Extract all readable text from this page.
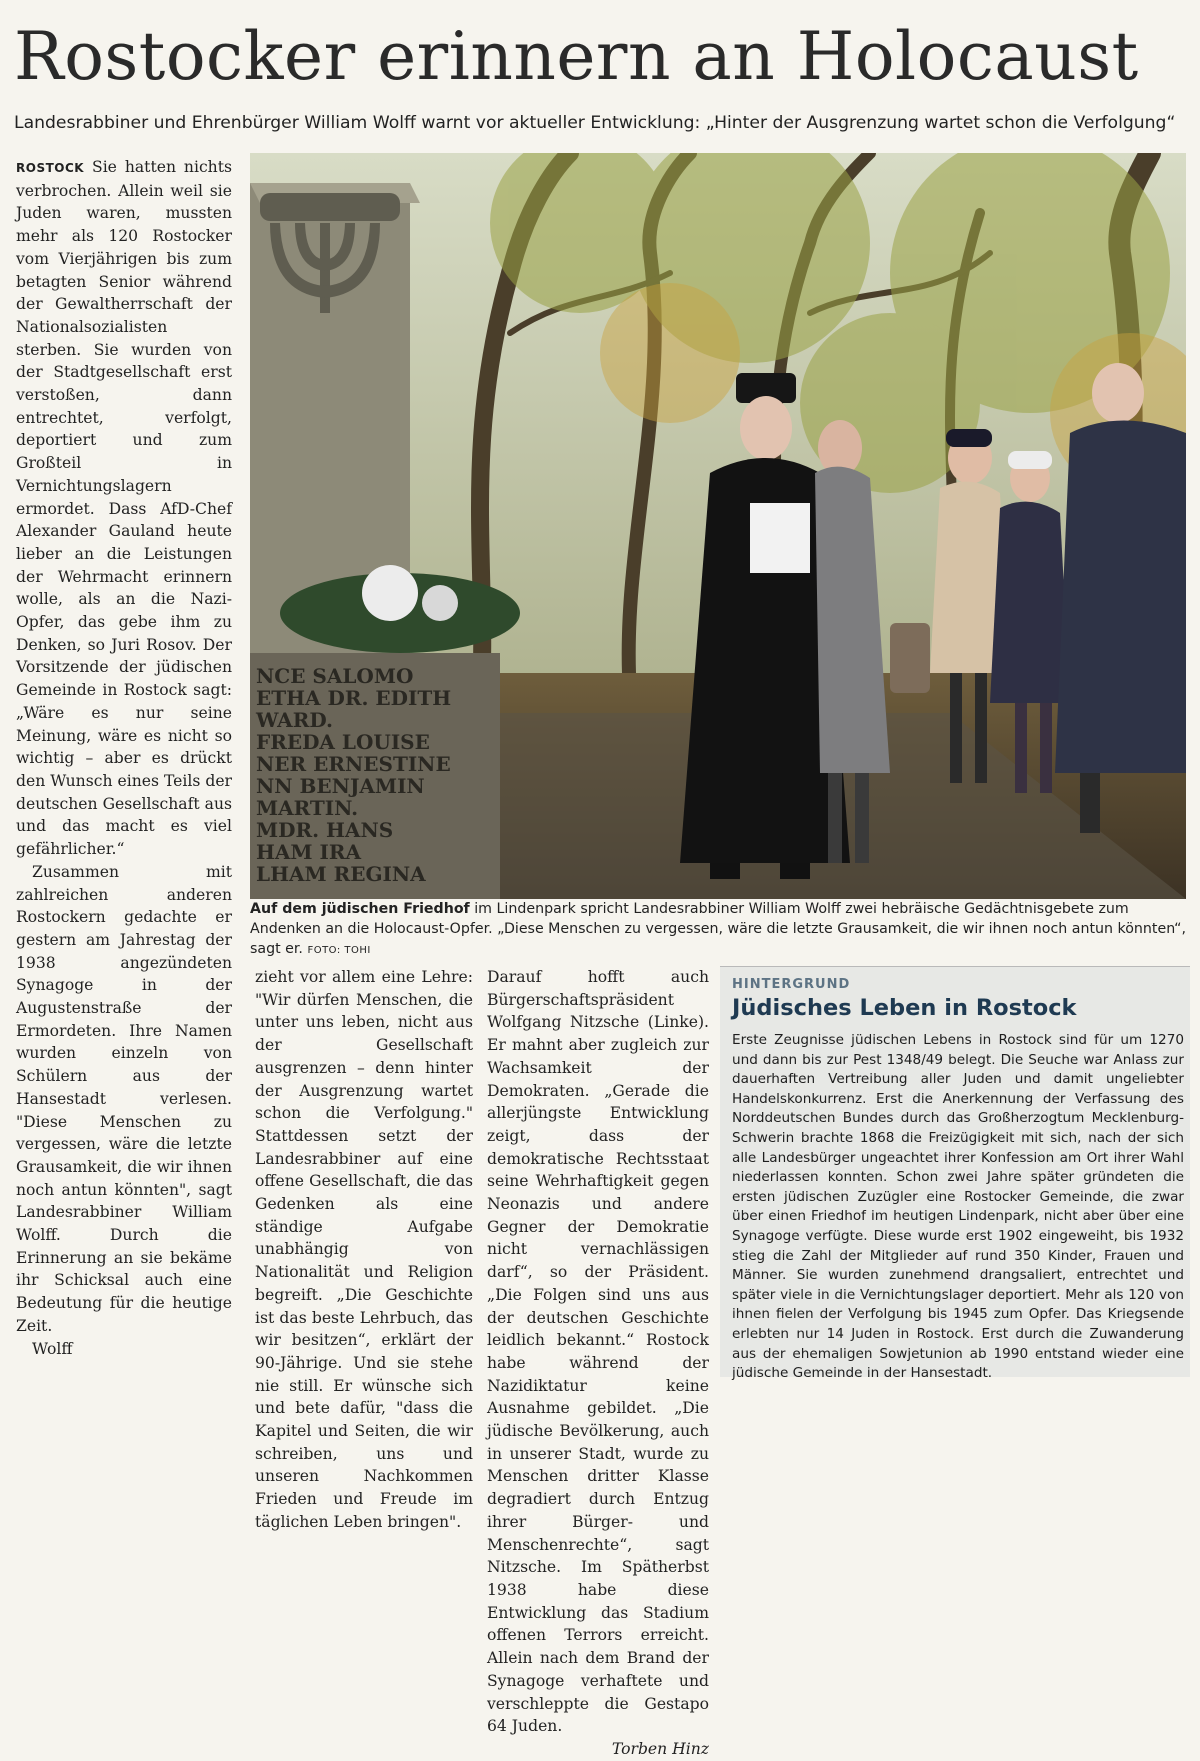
Rostocker erinnern an Holocaust
Landesrabbiner und Ehrenbürger William Wolff warnt vor aktueller Entwicklung: „Hinter der Ausgrenzung wartet schon die Verfolgung“

ROSTOCK Sie hatten nichts verbrochen. Allein weil sie Juden waren, mussten mehr als 120 Rostocker vom Vierjährigen bis zum betagten Senior während der Gewaltherrschaft der Nationalsozialisten sterben. Sie wurden von der Stadtgesellschaft erst verstoßen, dann entrechtet, verfolgt, deportiert und zum Großteil in Vernichtungslagern ermordet. Dass AfD-Chef Alexander Gauland heute lieber an die Leistungen der Wehrmacht erinnern wolle, als an die Nazi-Opfer, das gebe ihm zu Denken, so Juri Rosov. Der Vorsitzende der jüdischen Gemeinde in Rostock sagt: „Wäre es nur seine Meinung, wäre es nicht so wichtig – aber es drückt den Wunsch eines Teils der deutschen Gesellschaft aus und das macht es viel gefährlicher.“

Zusammen mit zahlreichen anderen Rostockern gedachte er gestern am Jahrestag der 1938 angezündeten Synagoge in der Augustenstraße der Ermordeten. Ihre Namen wurden einzeln von Schülern aus der Hansestadt verlesen. "Diese Menschen zu vergessen, wäre die letzte Grausamkeit, die wir ihnen noch antun könnten", sagt Landesrabbiner William Wolff. Durch die Erinnerung an sie bekäme ihr Schicksal auch eine Bedeutung für die heutige Zeit.

Wolff

zieht vor allem eine Lehre: "Wir dürfen Menschen, die unter uns leben, nicht aus der Gesellschaft ausgrenzen – denn hinter der Ausgrenzung wartet schon die Verfolgung." Stattdessen setzt der Landesrabbiner auf eine offene Gesellschaft, die das Gedenken als eine ständige Aufgabe unabhängig von Nationalität und Religion begreift. „Die Geschichte ist das beste Lehrbuch, das wir besitzen“, erklärt der 90-Jährige. Und sie stehe nie still. Er wünsche sich und bete dafür, "dass die Kapitel und Seiten, die wir schreiben, uns und unseren Nachkommen Frieden und Freude im täglichen Leben bringen".

Darauf hofft auch Bürgerschaftspräsident Wolfgang Nitzsche (Linke). Er mahnt aber zugleich zur Wachsamkeit der Demokraten. „Gerade die allerjüngste Entwicklung zeigt, dass der demokratische Rechtsstaat seine Wehrhaftigkeit gegen Neonazis und andere Gegner der Demokratie nicht vernachlässigen darf“, so der Präsident. „Die Folgen sind uns aus der deutschen Geschichte leidlich bekannt.“ Rostock habe während der Nazidiktatur keine Ausnahme gebildet. „Die jüdische Bevölkerung, auch in unserer Stadt, wurde zu Menschen dritter Klasse degradiert durch Entzug ihrer Bürger- und Menschenrechte“, sagt Nitzsche. Im Spätherbst 1938 habe diese Entwicklung das Stadium offenen Terrors erreicht. Allein nach dem Brand der Synagoge verhaftete und verschleppte die Gestapo 64 Juden.

Torben Hinz

NCE SALOMO ETHA DR. EDITH WARD. FREDA LOUISE NER ERNESTINE NN BENJAMIN MARTIN. MDR. HANS HAM IRA LHAM REGINA
Auf dem jüdischen Friedhof im Lindenpark spricht Landesrabbiner William Wolff zwei hebräische Gedächtnisgebete zum Andenken an die Holocaust-Opfer. „Diese Menschen zu vergessen, wäre die letzte Grausamkeit, die wir ihnen noch antun könnten“, sagt er. FOTO: TOHI
HINTERGRUND
Jüdisches Leben in Rostock
Erste Zeugnisse jüdischen Lebens in Rostock sind für um 1270 und dann bis zur Pest 1348/49 belegt. Die Seuche war Anlass zur dauerhaften Vertreibung aller Juden und damit ungeliebter Handelskonkurrenz. Erst die Anerkennung der Verfassung des Norddeutschen Bundes durch das Großherzogtum Mecklenburg-Schwerin brachte 1868 die Freizügigkeit mit sich, nach der sich alle Landesbürger ungeachtet ihrer Konfession am Ort ihrer Wahl niederlassen konnten. Schon zwei Jahre später gründeten die ersten jüdischen Zuzügler eine Rostocker Gemeinde, die zwar über einen Friedhof im heutigen Lindenpark, nicht aber über eine Synagoge verfügte. Diese wurde erst 1902 eingeweiht, bis 1932 stieg die Zahl der Mitglieder auf rund 350 Kinder, Frauen und Männer. Sie wurden zunehmend drangsaliert, entrechtet und später viele in die Vernichtungslager deportiert. Mehr als 120 von ihnen fielen der Verfolgung bis 1945 zum Opfer. Das Kriegsende erlebten nur 14 Juden in Rostock. Erst durch die Zuwanderung aus der ehemaligen Sowjetunion ab 1990 entstand wieder eine jüdische Gemeinde in der Hansestadt.
